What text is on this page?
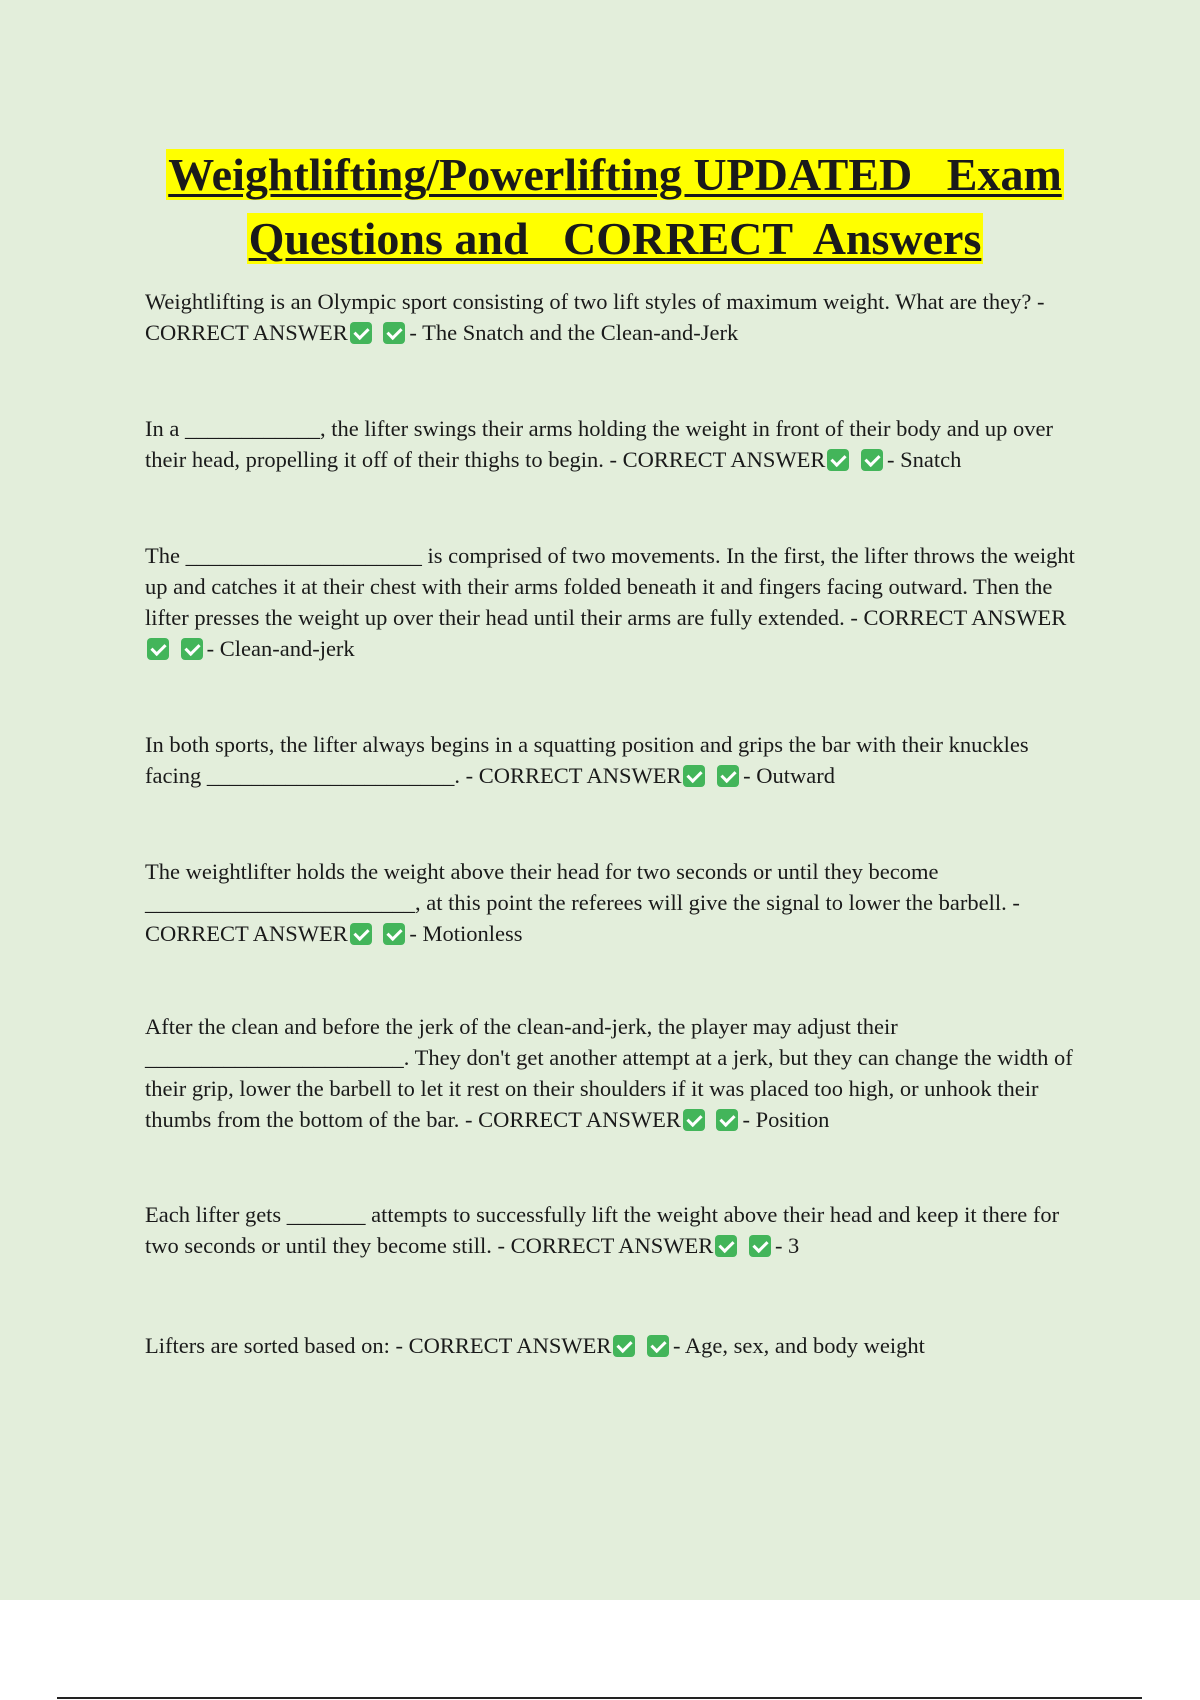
Weightlifting/Powerlifting UPDATED   Exam
Questions and   CORRECT  Answers

Weightlifting is an Olympic sport consisting of two lift styles of maximum weight. What are they? - CORRECT ANSWER	- The Snatch and the Clean-and-Jerk

In a ____________, the lifter swings their arms holding the weight in front of their body and up over their head, propelling it off of their thighs to begin. - CORRECT ANSWER	- Snatch

The _____________________ is comprised of two movements. In the first, the lifter throws the weight up and catches it at their chest with their arms folded beneath it and fingers facing outward. Then the lifter presses the weight up over their head until their arms are fully extended. - CORRECT ANSWER - Clean-and-jerk

In both sports, the lifter always begins in a squatting position and grips the bar with their knuckles facing ______________________. - CORRECT ANSWER	- Outward

The weightlifter holds the weight above their head for two seconds or until they become ________________________, at this point the referees will give the signal to lower the barbell. - CORRECT ANSWER	- Motionless

After the clean and before the jerk of the clean-and-jerk, the player may adjust their _______________________. They don't get another attempt at a jerk, but they can change the width of their grip, lower the barbell to let it rest on their shoulders if it was placed too high, or unhook their thumbs from the bottom of the bar. - CORRECT ANSWER	- Position

Each lifter gets _______ attempts to successfully lift the weight above their head and keep it there for two seconds or until they become still. - CORRECT ANSWER	- 3

Lifters are sorted based on: - CORRECT ANSWER	- Age, sex, and body weight
